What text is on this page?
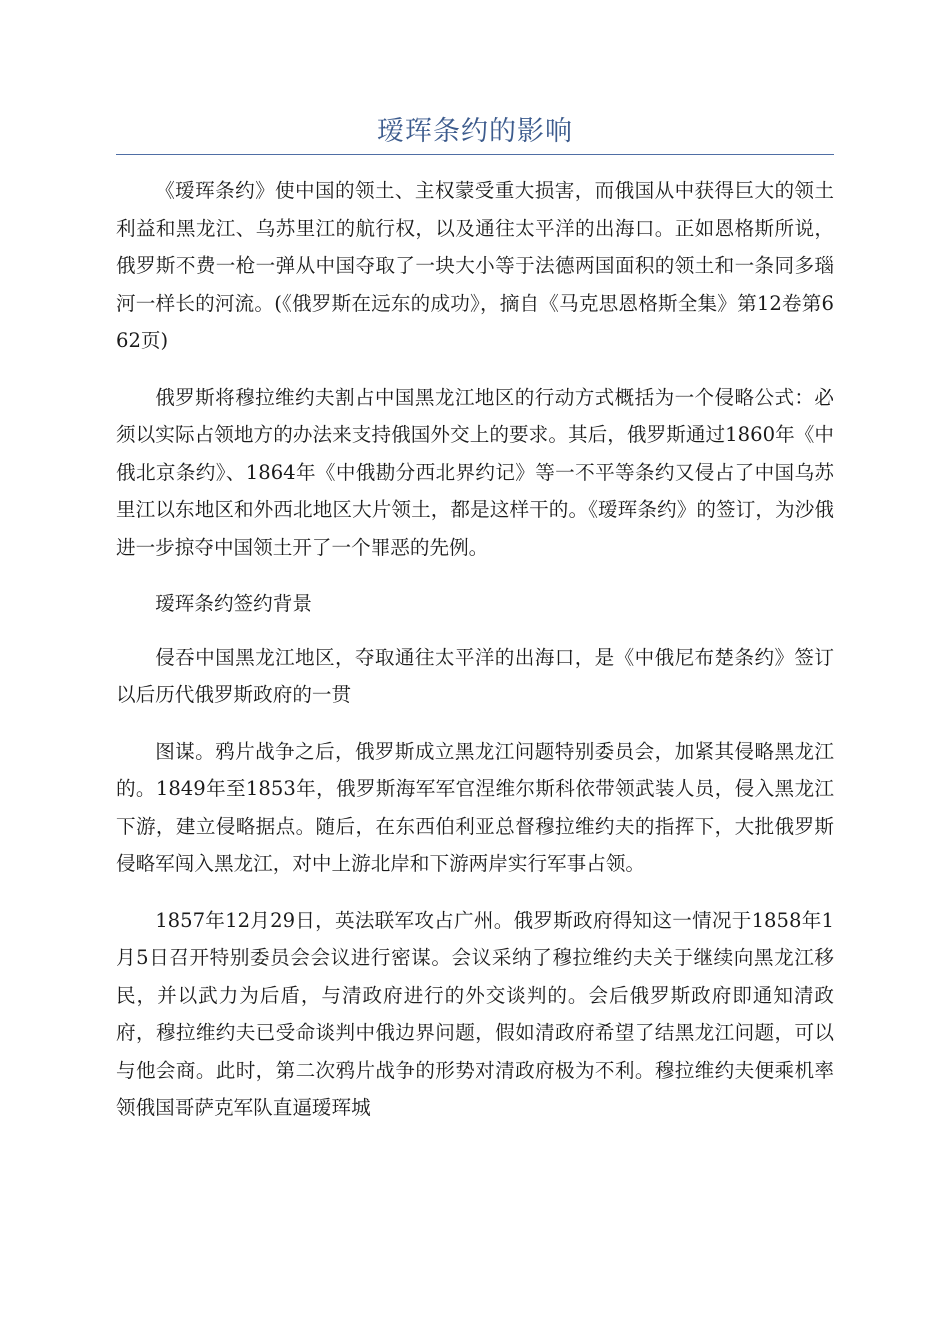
瑷珲条约的影响

《瑷珲条约》使中国的领土、主权蒙受重大损害，而俄国从中获得巨大的领土利益和黑龙江、乌苏里江的航行权，以及通往太平洋的出海口。正如恩格斯所说，俄罗斯不费一枪一弹从中国夺取了一块大小等于法德两国面积的领土和一条同多瑙河一样长的河流。(《俄罗斯在远东的成功》，摘自《马克思恩格斯全集》第12卷第662页)

俄罗斯将穆拉维约夫割占中国黑龙江地区的行动方式概括为一个侵略公式：必须以实际占领地方的办法来支持俄国外交上的要求。其后，俄罗斯通过1860年《中俄北京条约》、1864年《中俄勘分西北界约记》等一不平等条约又侵占了中国乌苏里江以东地区和外西北地区大片领土，都是这样干的。《瑷珲条约》的签订，为沙俄进一步掠夺中国领土开了一个罪恶的先例。

瑷珲条约签约背景

侵吞中国黑龙江地区，夺取通往太平洋的出海口，是《中俄尼布楚条约》签订以后历代俄罗斯政府的一贯

图谋。鸦片战争之后，俄罗斯成立黑龙江问题特别委员会，加紧其侵略黑龙江的。1849年至1853年，俄罗斯海军军官涅维尔斯科依带领武装人员，侵入黑龙江下游，建立侵略据点。随后，在东西伯利亚总督穆拉维约夫的指挥下，大批俄罗斯侵略军闯入黑龙江，对中上游北岸和下游两岸实行军事占领。

1857年12月29日，英法联军攻占广州。俄罗斯政府得知这一情况于1858年1月5日召开特别委员会会议进行密谋。会议采纳了穆拉维约夫关于继续向黑龙江移民，并以武力为后盾，与清政府进行的外交谈判的。会后俄罗斯政府即通知清政府，穆拉维约夫已受命谈判中俄边界问题，假如清政府希望了结黑龙江问题，可以与他会商。此时，第二次鸦片战争的形势对清政府极为不利。穆拉维约夫便乘机率领俄国哥萨克军队直逼瑷珲城
